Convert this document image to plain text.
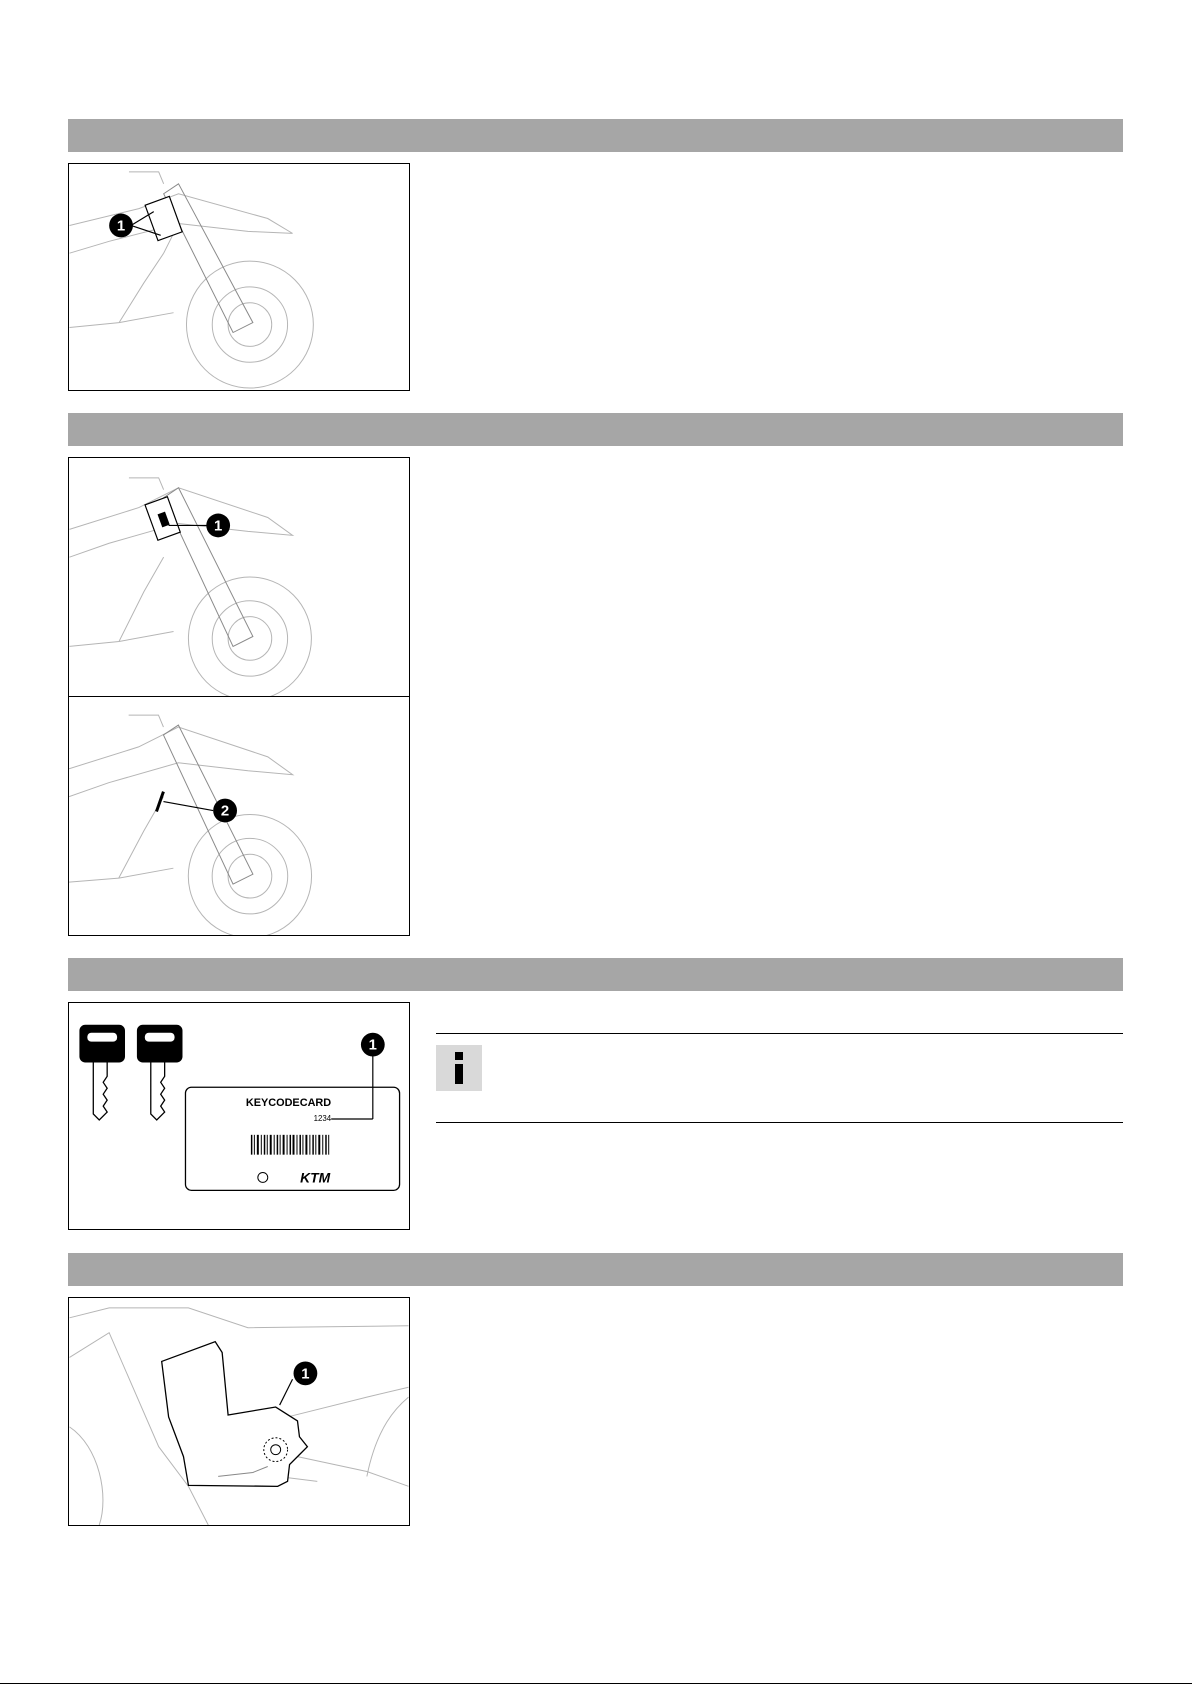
1
1
2
KEYCODECARD
1234
1
KTM
1
